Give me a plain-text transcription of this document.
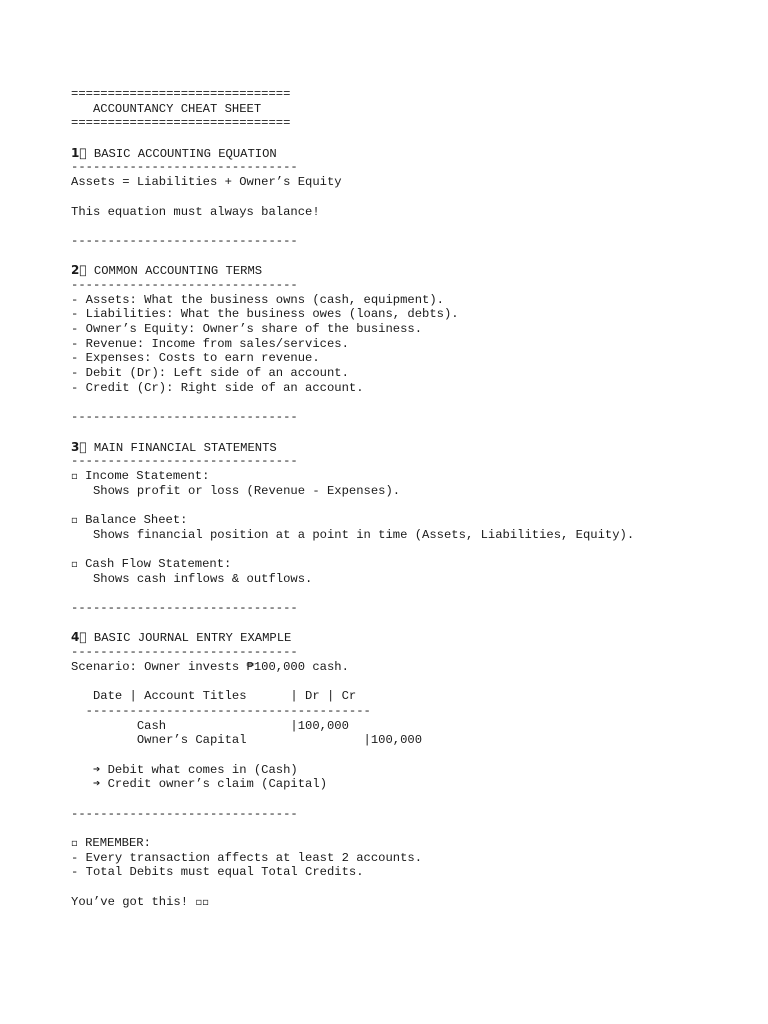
==============================
ACCOUNTANCY CHEAT SHEET
==============================
1⃣ BASIC ACCOUNTING EQUATION
-------------------------------
Assets = Liabilities + Owner’s Equity
This equation must always balance!
-------------------------------
2⃣ COMMON ACCOUNTING TERMS
-------------------------------
- Assets: What the business owns (cash, equipment).
- Liabilities: What the business owes (loans, debts).
- Owner’s Equity: Owner’s share of the business.
- Revenue: Income from sales/services.
- Expenses: Costs to earn revenue.
- Debit (Dr): Left side of an account.
- Credit (Cr): Right side of an account.
-------------------------------
3⃣ MAIN FINANCIAL STATEMENTS
-------------------------------
▫ Income Statement:
Shows profit or loss (Revenue - Expenses).
▫ Balance Sheet:
Shows financial position at a point in time (Assets, Liabilities, Equity).
▫ Cash Flow Statement:
Shows cash inflows & outflows.
-------------------------------
4⃣ BASIC JOURNAL ENTRY EXAMPLE
-------------------------------
Scenario: Owner invests ₱100,000 cash.
Date | Account Titles      | Dr | Cr
---------------------------------------
Cash                 |100,000
Owner’s Capital                |100,000
➔ Debit what comes in (Cash)
➔ Credit owner’s claim (Capital)
-------------------------------
▫ REMEMBER:
- Every transaction affects at least 2 accounts.
- Total Debits must equal Total Credits.
You’ve got this! ▫▫
